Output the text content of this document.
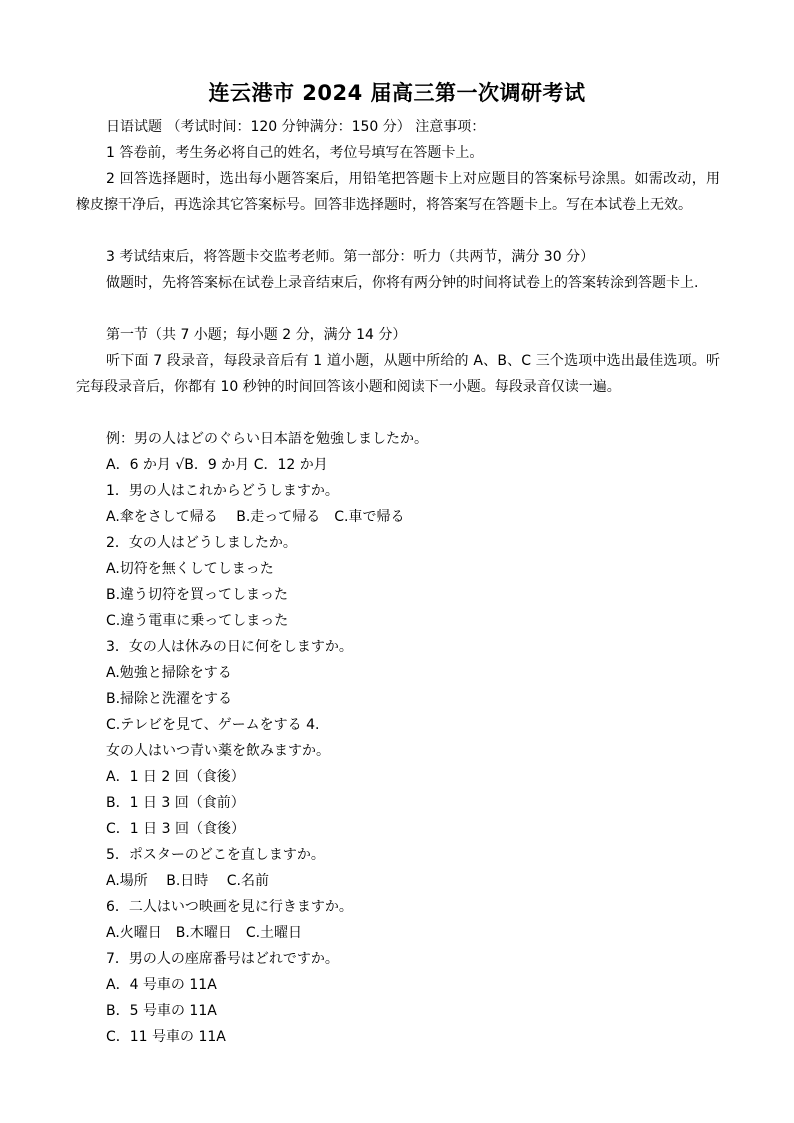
连云港市 2024 届高三第一次调研考试

日语试题 （考试时间：120 分钟满分：150 分） 注意事项：

1 答卷前，考生务必将自己的姓名，考位号填写在答题卡上。

2 回答选择题时，选出每小题答案后，用铅笔把答题卡上对应题目的答案标号涂黑。如需改动，用橡皮擦干净后，再选涂其它答案标号。回答非选择题时，将答案写在答题卡上。写在本试卷上无效。

3 考试结束后，将答题卡交监考老师。第一部分：听力（共两节，满分 30 分）

做题时，先将答案标在试卷上录音结束后，你将有两分钟的时间将试卷上的答案转涂到答题卡上.

第一节（共 7 小题；每小题 2 分，满分 14 分）

听下面 7 段录音，每段录音后有 1 道小题，从题中所给的 A、B、C 三个选项中选出最佳选项。听完每段录音后，你都有 10 秒钟的时间回答该小题和阅读下一小题。每段录音仅读一遍。

例：男の人はどのぐらい日本語を勉強しましたか。

A．6 か月 √B．9 か月 C．12 か月

1．男の人はこれからどうしますか。

A.傘をさして帰る　 B.走って帰る　C.車で帰る

2．女の人はどうしましたか。

A.切符を無くしてしまった

B.違う切符を買ってしまった

C.違う電車に乗ってしまった

3．女の人は休みの日に何をしますか。

A.勉強と掃除をする

B.掃除と洗濯をする

C.テレビを見て、ゲームをする 4.

女の人はいつ青い薬を飲みますか。

A．1 日 2 回（食後）

B．1 日 3 回（食前）

C．1 日 3 回（食後）

5．ポスターのどこを直しますか。

A.場所　 B.日時　 C.名前

6．二人はいつ映画を見に行きますか。

A.火曜日　B.木曜日　C.土曜日

7．男の人の座席番号はどれですか。

A．4 号車の 11A

B．5 号車の 11A

C．11 号車の 11A
